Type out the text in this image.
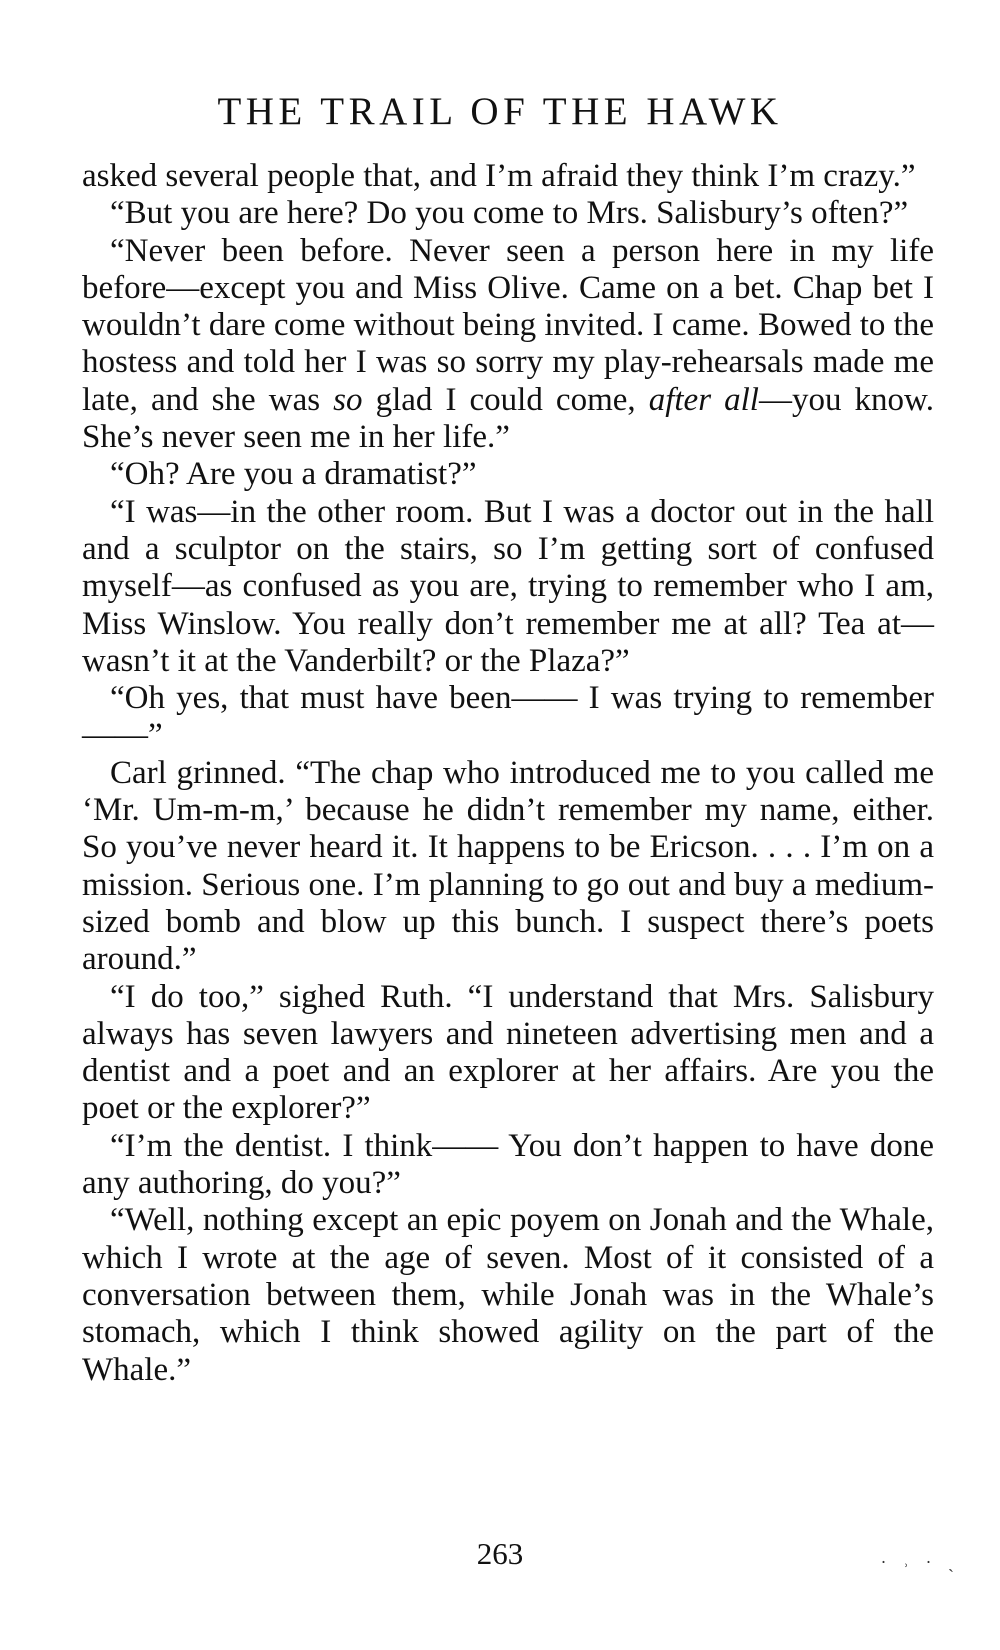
THE TRAIL OF THE HAWK

asked several people that, and I’m afraid they think I’m crazy.”

“But you are here? Do you come to Mrs. Salisbury’s often?”

“Never been before. Never seen a person here in my life before—except you and Miss Olive. Came on a bet. Chap bet I wouldn’t dare come without being invited. I came. Bowed to the hostess and told her I was so sorry my play-rehearsals made me late, and she was so glad I could come, after all—you know. She’s never seen me in her life.”

“Oh? Are you a dramatist?”

“I was—in the other room. But I was a doctor out in the hall and a sculptor on the stairs, so I’m getting sort of confused myself—as confused as you are, trying to remember who I am, Miss Winslow. You really don’t remember me at all? Tea at—wasn’t it at the Vanderbilt? or the Plaza?”

“Oh yes, that must have been—— I was trying to remember——”

Carl grinned. “The chap who introduced me to you called me ‘Mr. Um-m-m,’ because he didn’t remember my name, either. So you’ve never heard it. It happens to be Ericson. . . . I’m on a mission. Serious one. I’m planning to go out and buy a medium-sized bomb and blow up this bunch. I suspect there’s poets around.”

“I do too,” sighed Ruth. “I understand that Mrs. Salisbury always has seven lawyers and nineteen advertising men and a dentist and a poet and an explorer at her affairs. Are you the poet or the explorer?”

“I’m the dentist. I think—— You don’t happen to have done any authoring, do you?”

“Well, nothing except an epic poyem on Jonah and the Whale, which I wrote at the age of seven. Most of it consisted of a conversation between them, while Jonah was in the Whale’s stomach, which I think showed agility on the part of the Whale.”

263	· ˒ · ˏ
